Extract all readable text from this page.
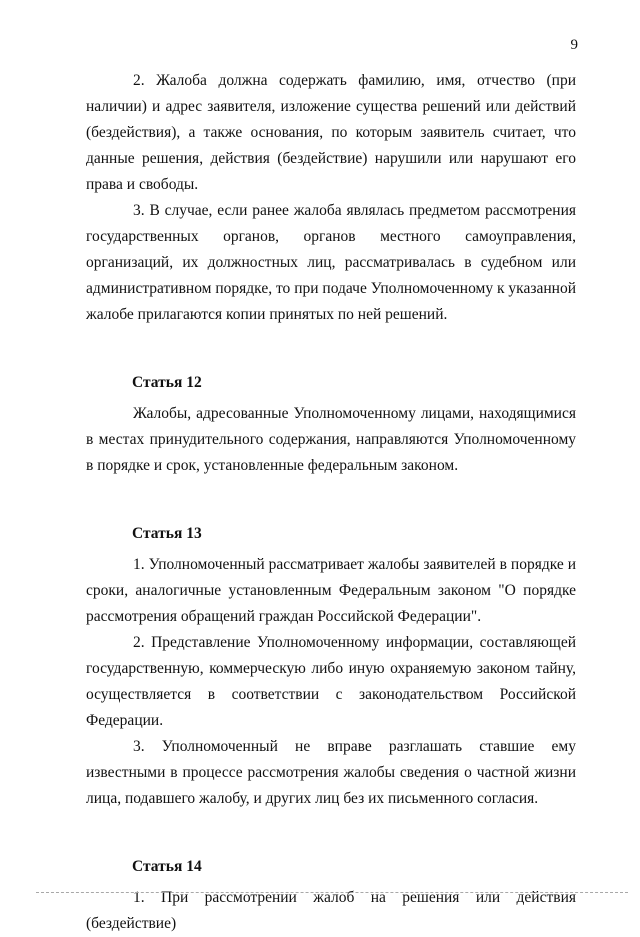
9

2. Жалоба должна содержать фамилию, имя, отчество (при наличии) и адрес заявителя, изложение существа решений или действий (бездействия), а также основания, по которым заявитель считает, что данные решения, действия (бездействие) нарушили или нарушают его права и свободы.

3. В случае, если ранее жалоба являлась предметом рассмотрения государственных органов, органов местного самоуправления, организаций, их должностных лиц, рассматривалась в судебном или административном порядке, то при подаче Уполномоченному к указанной жалобе прилагаются копии принятых по ней решений.

Статья 12

Жалобы, адресованные Уполномоченному лицами, находящимися в местах принудительного содержания, направляются Уполномоченному в порядке и срок, установленные федеральным законом.

Статья 13

1. Уполномоченный рассматривает жалобы заявителей в порядке и сроки, аналогичные установленным Федеральным законом "О порядке рассмотрения обращений граждан Российской Федерации".

2. Представление Уполномоченному информации, составляющей государственную, коммерческую либо иную охраняемую законом тайну, осуществляется в соответствии с законодательством Российской Федерации.

3. Уполномоченный не вправе разглашать ставшие ему известными в процессе рассмотрения жалобы сведения о частной жизни лица, подавшего жалобу, и других лиц без их письменного согласия.

Статья 14

1. При рассмотрении жалоб на решения или действия (бездействие)
